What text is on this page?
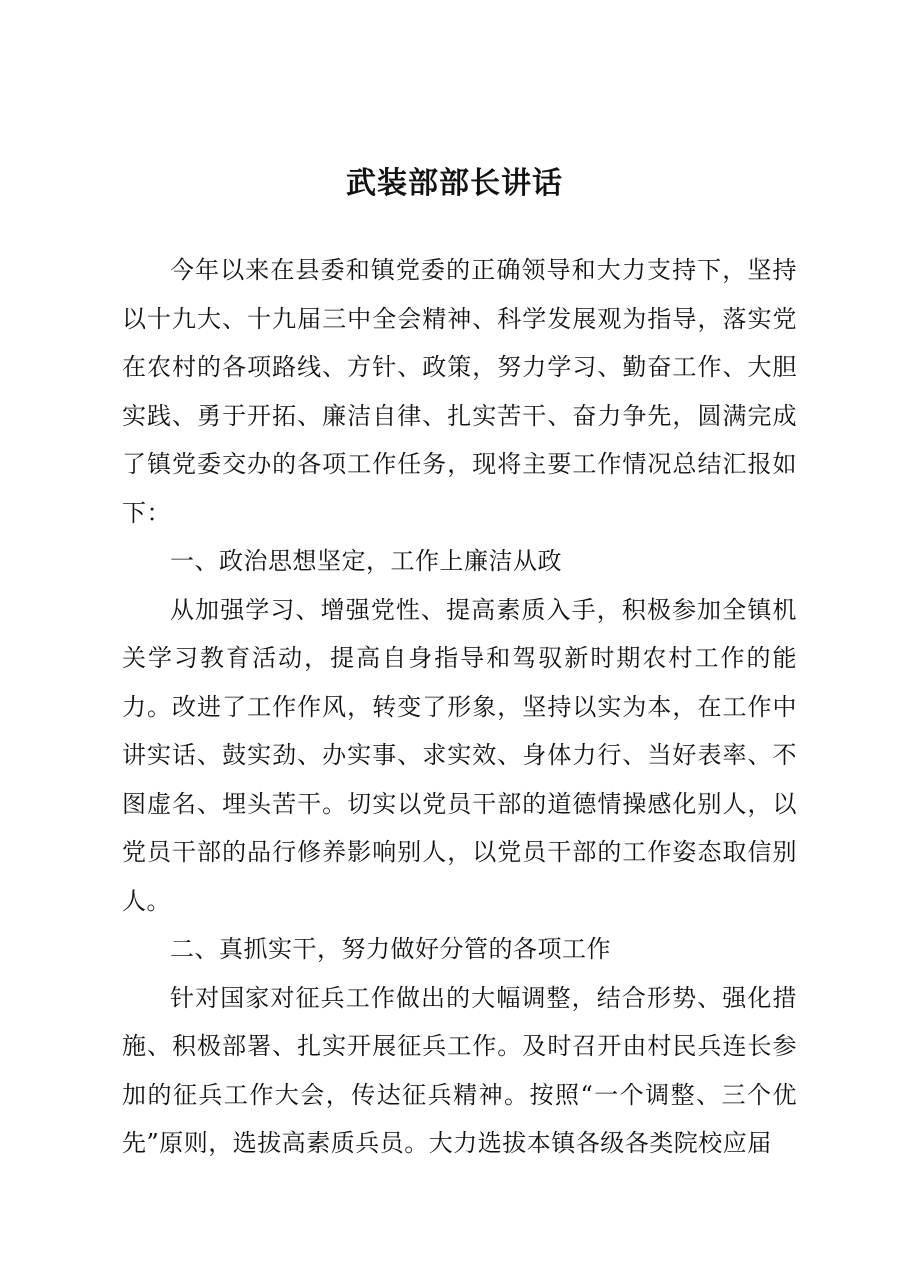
武装部部长讲话

今年以来在县委和镇党委的正确领导和大力支持下，坚持以十九大、十九届三中全会精神、科学发展观为指导，落实党在农村的各项路线、方针、政策，努力学习、勤奋工作、大胆实践、勇于开拓、廉洁自律、扎实苦干、奋力争先，圆满完成了镇党委交办的各项工作任务，现将主要工作情况总结汇报如下：

一、政治思想坚定，工作上廉洁从政

从加强学习、增强党性、提高素质入手，积极参加全镇机关学习教育活动，提高自身指导和驾驭新时期农村工作的能力。改进了工作作风，转变了形象，坚持以实为本，在工作中讲实话、鼓实劲、办实事、求实效、身体力行、当好表率、不图虚名、埋头苦干。切实以党员干部的道德情操感化别人，以党员干部的品行修养影响别人，以党员干部的工作姿态取信别人。

二、真抓实干，努力做好分管的各项工作

针对国家对征兵工作做出的大幅调整，结合形势、强化措施、积极部署、扎实开展征兵工作。及时召开由村民兵连长参加的征兵工作大会，传达征兵精神。按照“一个调整、三个优先”原则，选拔高素质兵员。大力选拔本镇各级各类院校应届
